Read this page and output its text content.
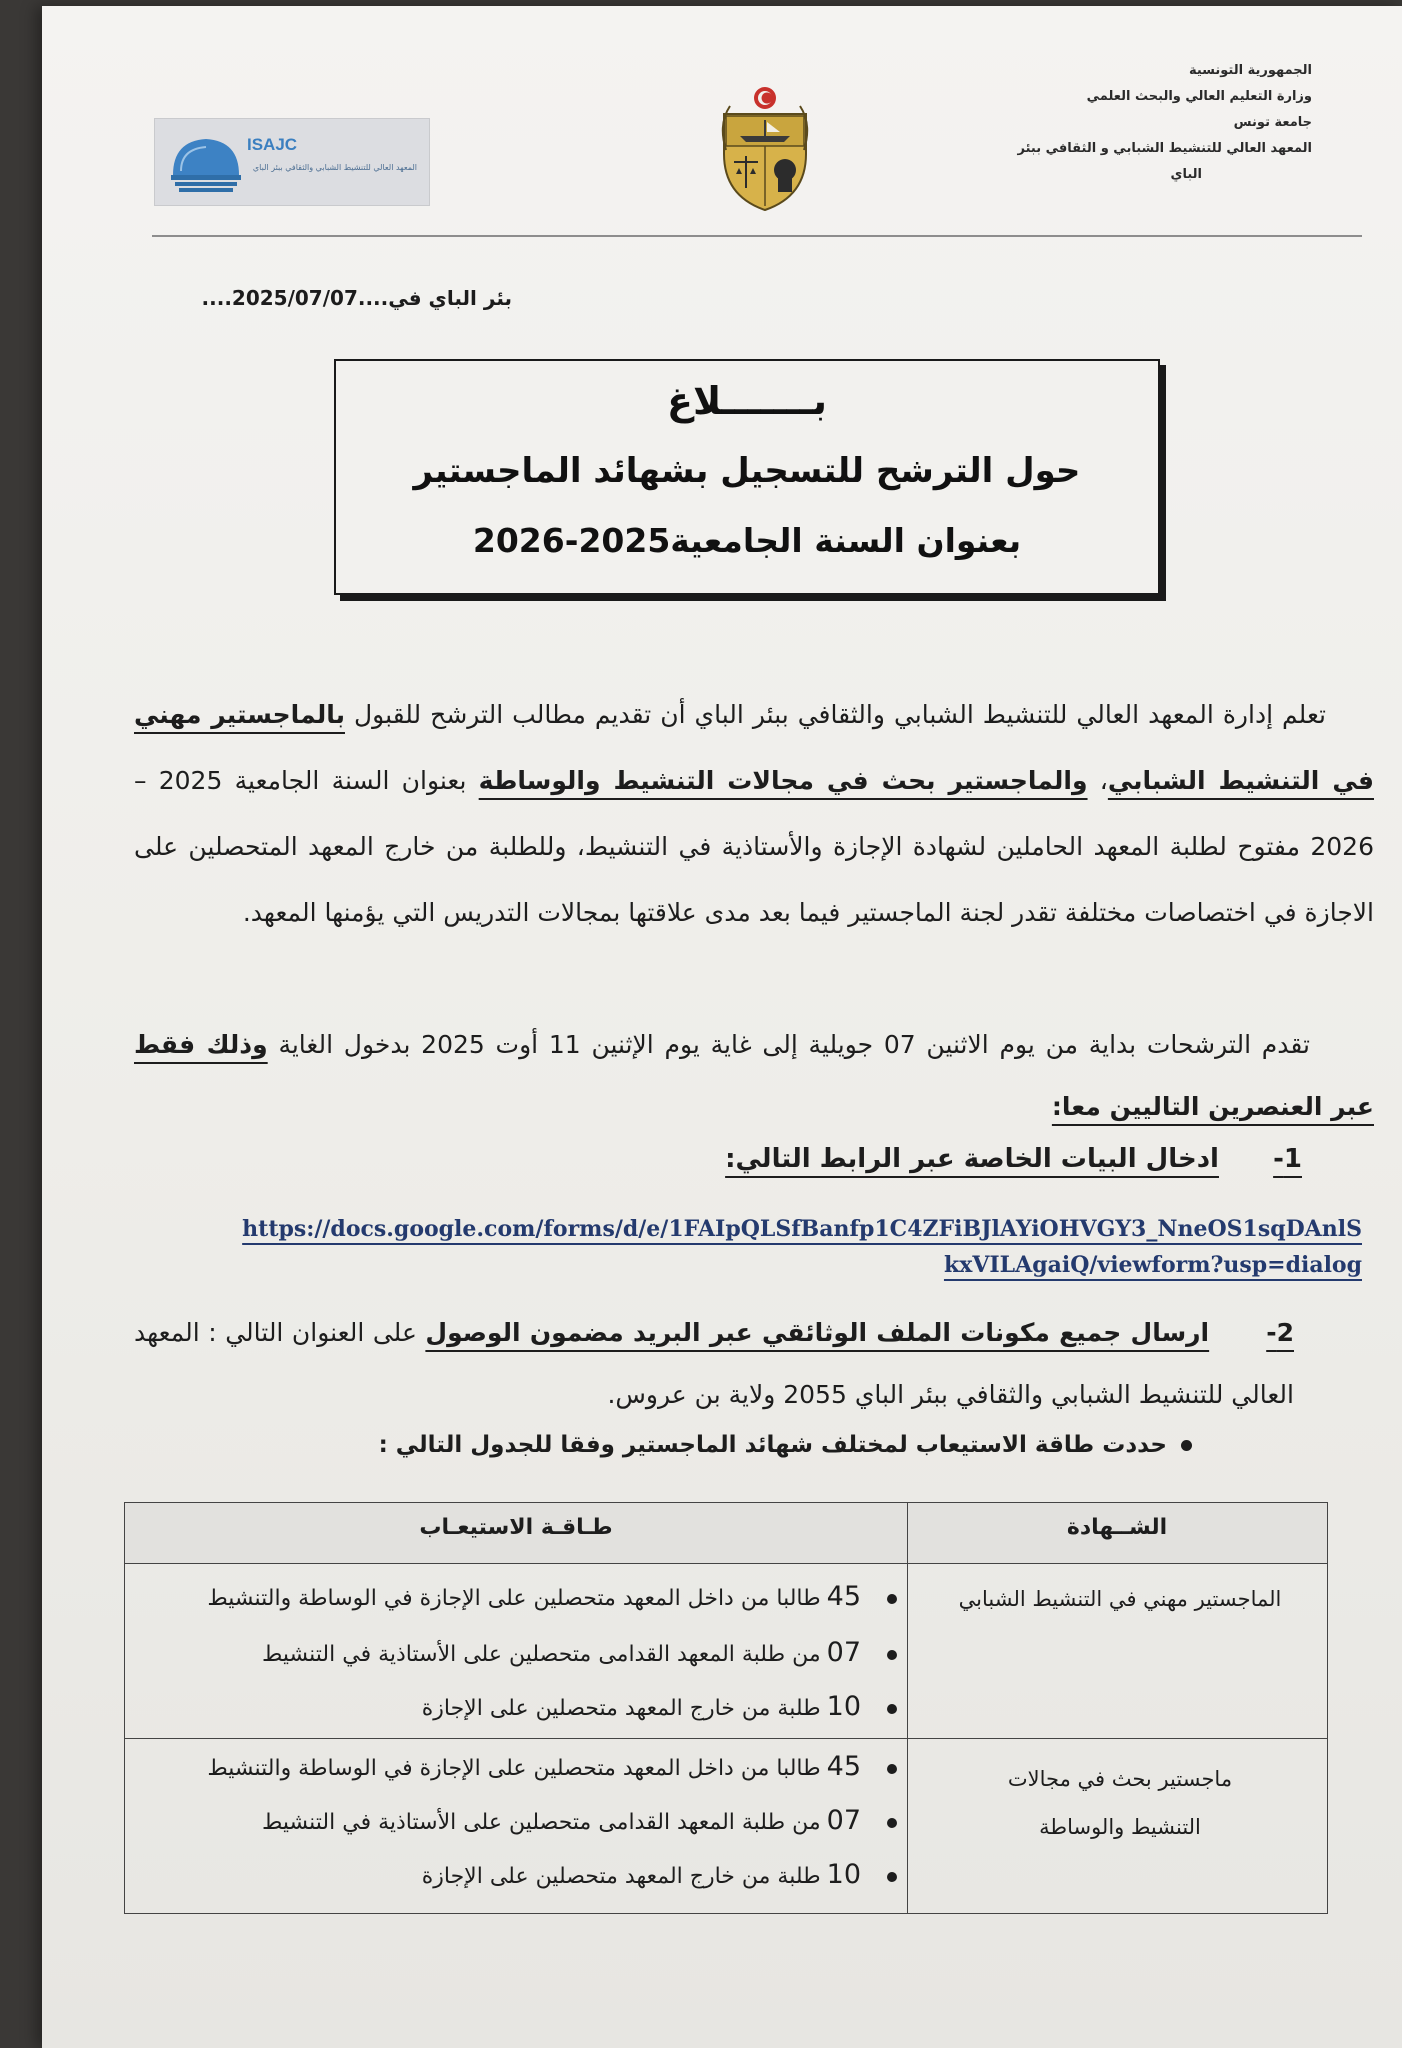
الجمهورية التونسية
وزارة التعليم العالي والبحث العلمي
جامعة تونس
المعهد العالي للتنشيط الشبابي و الثقافي ببئر
الباي
ISAJC
المعهد العالي للتنشيط الشبابي والثقافي ببئر الباي
بئر الباي في....2025/07/07....
بـــــــلاغ
حول الترشح للتسجيل بشهائد الماجستير
بعنوان السنة الجامعية2025-2026
تعلم إدارة المعهد العالي للتنشيط الشبابي والثقافي ببئر الباي أن تقديم مطالب الترشح للقبول بالماجستير مهني في التنشيط الشبابي، والماجستير بحث في مجالات التنشيط والوساطة بعنوان السنة الجامعية 2025 – 2026 مفتوح لطلبة المعهد الحاملين لشهادة الإجازة والأستاذية في التنشيط، وللطلبة من خارج المعهد المتحصلين على الاجازة في اختصاصات مختلفة تقدر لجنة الماجستير فيما بعد مدى علاقتها بمجالات التدريس التي يؤمنها المعهد.
تقدم الترشحات بداية من يوم الاثنين 07 جويلية إلى غاية يوم الإثنين 11 أوت 2025 بدخول الغاية وذلك فقط عبر العنصرين التاليين معا:
1-  ادخال البيات الخاصة عبر الرابط التالي:
https://docs.google.com/forms/d/e/1FAIpQLSfBanfp1C4ZFiBJlAYiOHVGY3_NneOS1sqDAnlS
kxVILAgaiQ/viewform?usp=dialog
2-  ارسال جميع مكونات الملف الوثائقي عبر البريد مضمون الوصول على العنوان التالي : المعهد العالي للتنشيط الشبابي والثقافي ببئر الباي 2055 ولاية بن عروس.
حددت طاقة الاستيعاب لمختلف شهائد الماجستير وفقا للجدول التالي :
الشــهادة
طـاقـة الاستيعـاب
الماجستير مهني في التنشيط الشبابي
45طالبا من داخل المعهد متحصلين على الإجازة في الوساطة والتنشيط
07من طلبة المعهد القدامى متحصلين على الأستاذية في التنشيط
10طلبة من خارج المعهد متحصلين على الإجازة
ماجستير بحث في مجالات التنشيط والوساطة
45طالبا من داخل المعهد متحصلين على الإجازة في الوساطة والتنشيط
07من طلبة المعهد القدامى متحصلين على الأستاذية في التنشيط
10طلبة من خارج المعهد متحصلين على الإجازة
